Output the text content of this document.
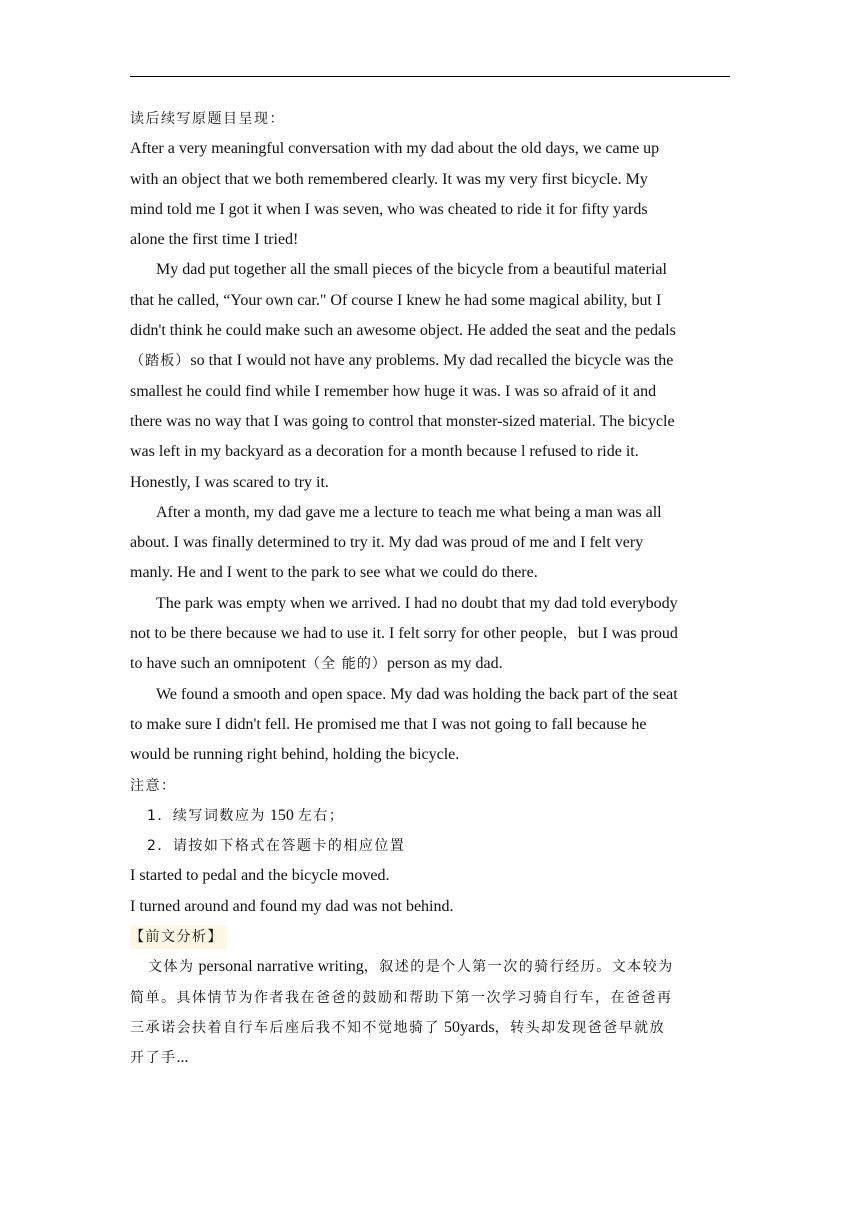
读后续写原题目呈现：
After a very meaningful conversation with my dad about the old days, we came up
with an object that we both remembered clearly. It was my very first bicycle. My
mind told me I got it when I was seven, who was cheated to ride it for fifty yards
alone the first time I tried!
My dad put together all the small pieces of the bicycle from a beautiful material
that he called, “Your own car." Of course I knew he had some magical ability, but I
didn't think he could make such an awesome object. He added the seat and the pedals
（踏板）so that I would not have any problems. My dad recalled the bicycle was the
smallest he could find while I remember how huge it was. I was so afraid of it and
there was no way that I was going to control that monster-sized material. The bicycle
was left in my backyard as a decoration for a month because l refused to ride it.
Honestly, I was scared to try it.
After a month, my dad gave me a lecture to teach me what being a man was all
about. I was finally determined to try it. My dad was proud of me and I felt very
manly. He and I went to the park to see what we could do there.
The park was empty when we arrived. I had no doubt that my dad told everybody
not to be there because we had to use it. I felt sorry for other people，but I was proud
to have such an omnipotent（全 能的）person as my dad.
We found a smooth and open space. My dad was holding the back part of the seat
to make sure I didn't fell. He promised me that I was not going to fall because he
would be running right behind, holding the bicycle.
注意：
1．续写词数应为 150 左右；
2．请按如下格式在答题卡的相应位置
I started to pedal and the bicycle moved.
I turned around and found my dad was not behind.
【前文分析】
文体为 personal narrative writing，叙述的是个人第一次的骑行经历。文本较为
简单。具体情节为作者我在爸爸的鼓励和帮助下第一次学习骑自行车，在爸爸再
三承诺会扶着自行车后座后我不知不觉地骑了 50yards，转头却发现爸爸早就放
开了手...
